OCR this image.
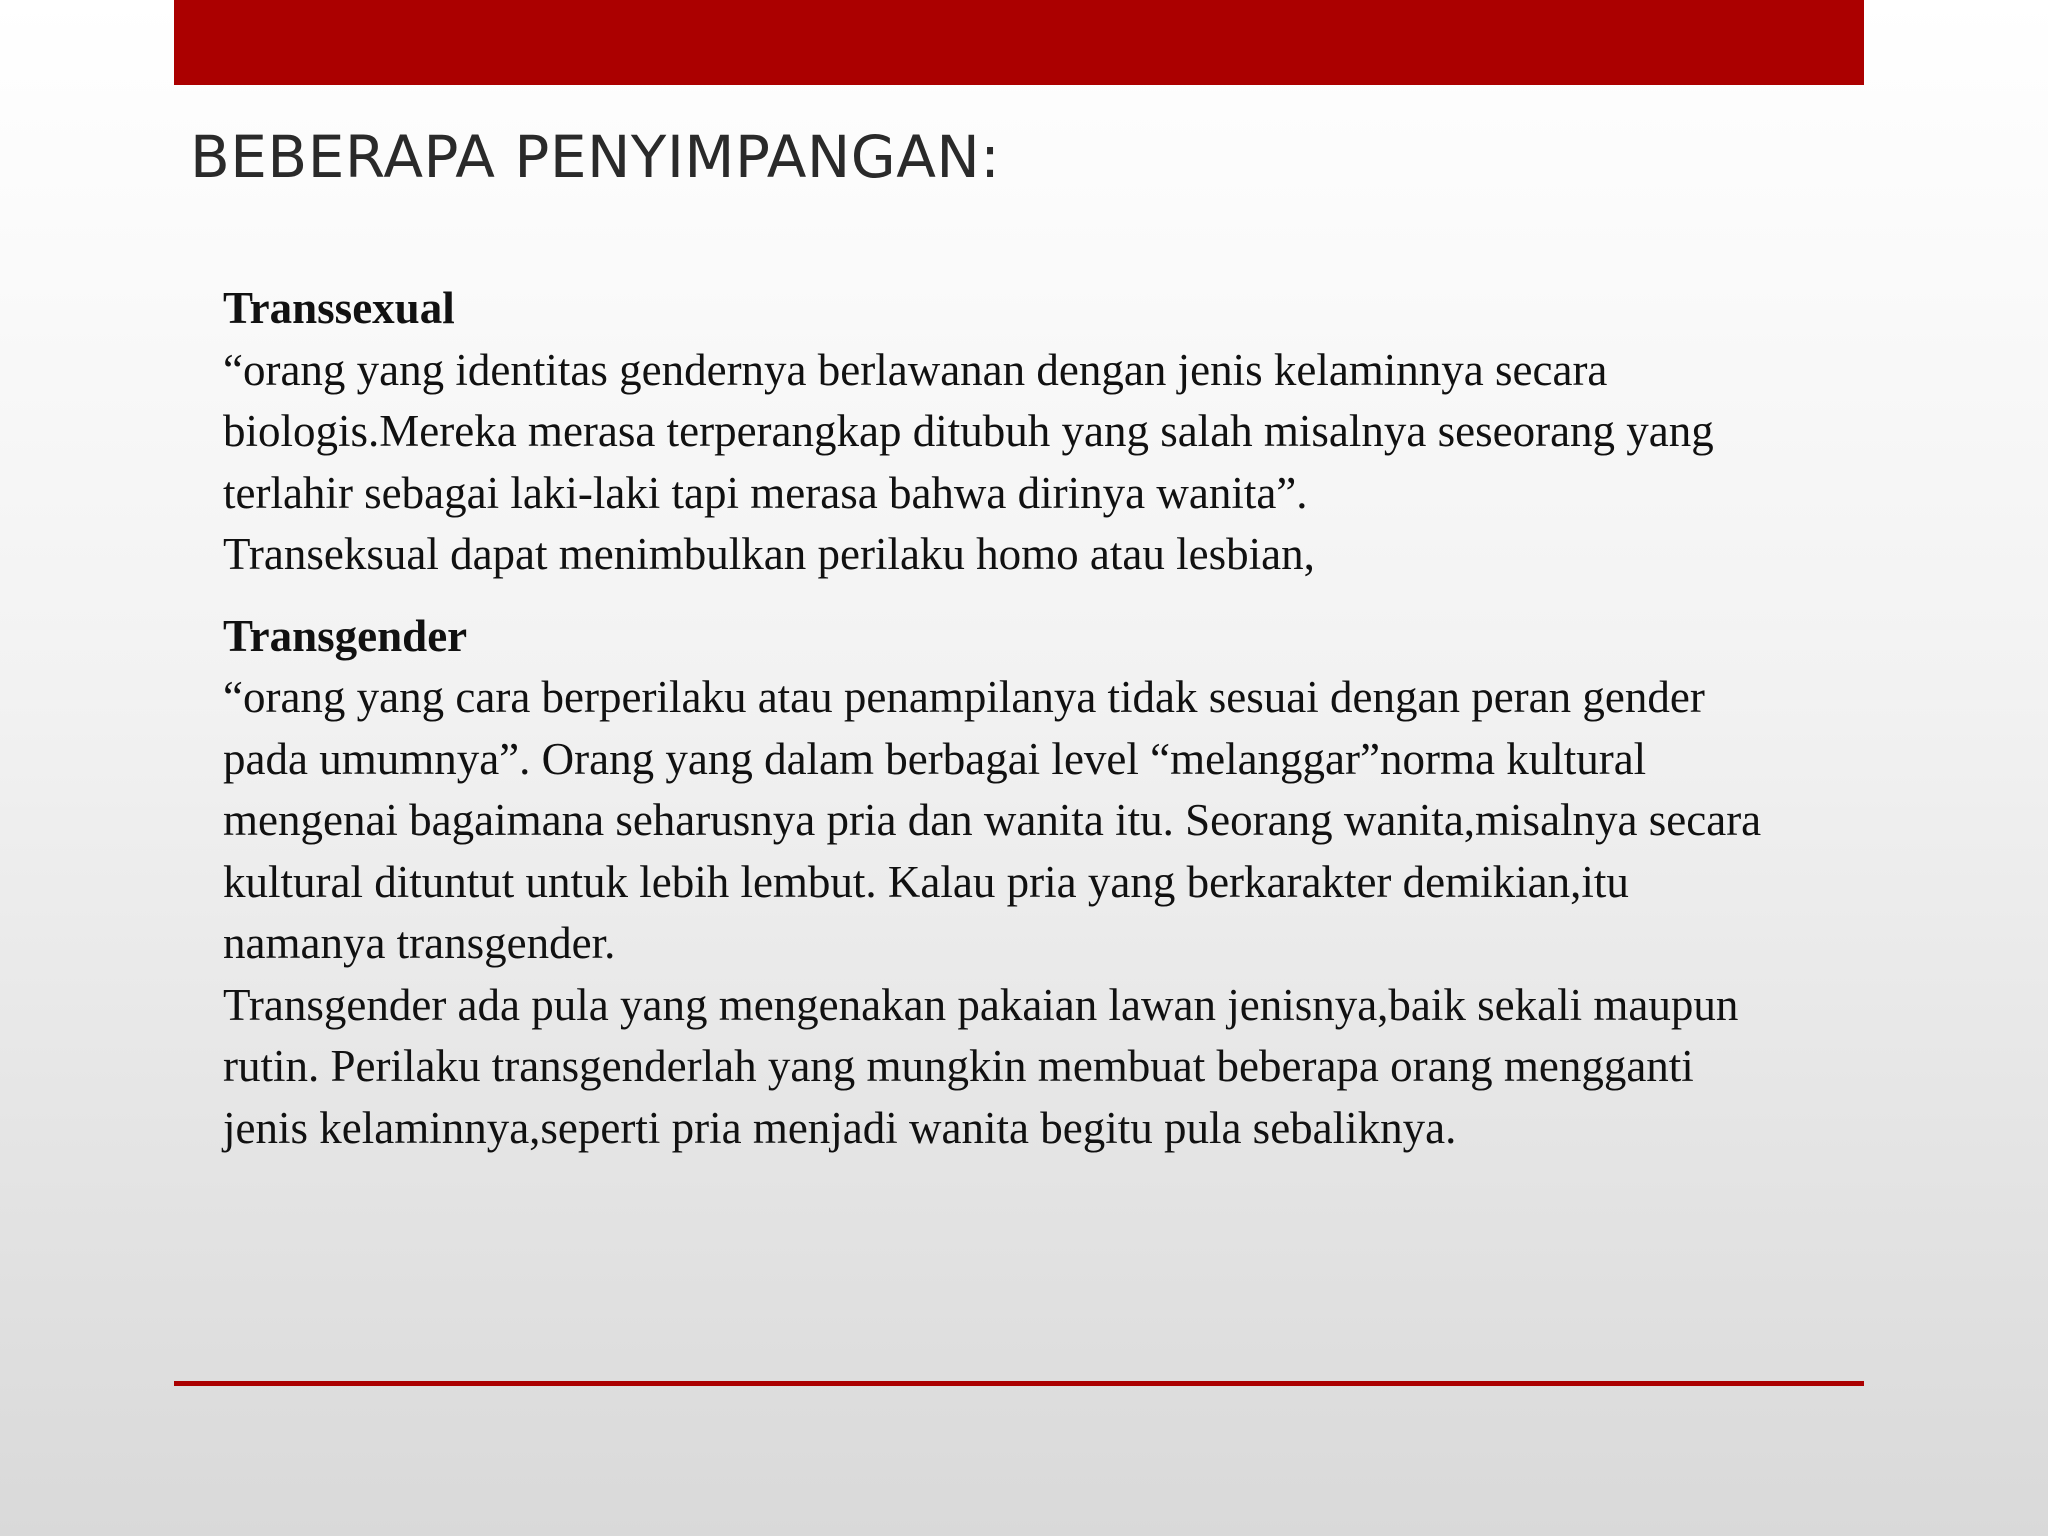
BEBERAPA PENYIMPANGAN:
Transsexual
“orang yang identitas gendernya berlawanan dengan jenis kelaminnya secara
biologis.Mereka merasa terperangkap ditubuh yang salah misalnya seseorang yang
terlahir sebagai laki-laki tapi merasa bahwa dirinya wanita”.
Transeksual dapat menimbulkan perilaku homo atau lesbian,
Transgender
“orang yang cara berperilaku atau penampilanya tidak sesuai dengan peran gender
pada umumnya”. Orang yang dalam berbagai level “melanggar”norma kultural
mengenai bagaimana seharusnya pria dan wanita itu. Seorang wanita,misalnya secara
kultural dituntut untuk lebih lembut. Kalau pria yang berkarakter demikian,itu
namanya transgender.
Transgender ada pula yang mengenakan pakaian lawan jenisnya,baik sekali maupun
rutin. Perilaku transgenderlah yang mungkin membuat beberapa orang mengganti
jenis kelaminnya,seperti pria menjadi wanita begitu pula sebaliknya.
